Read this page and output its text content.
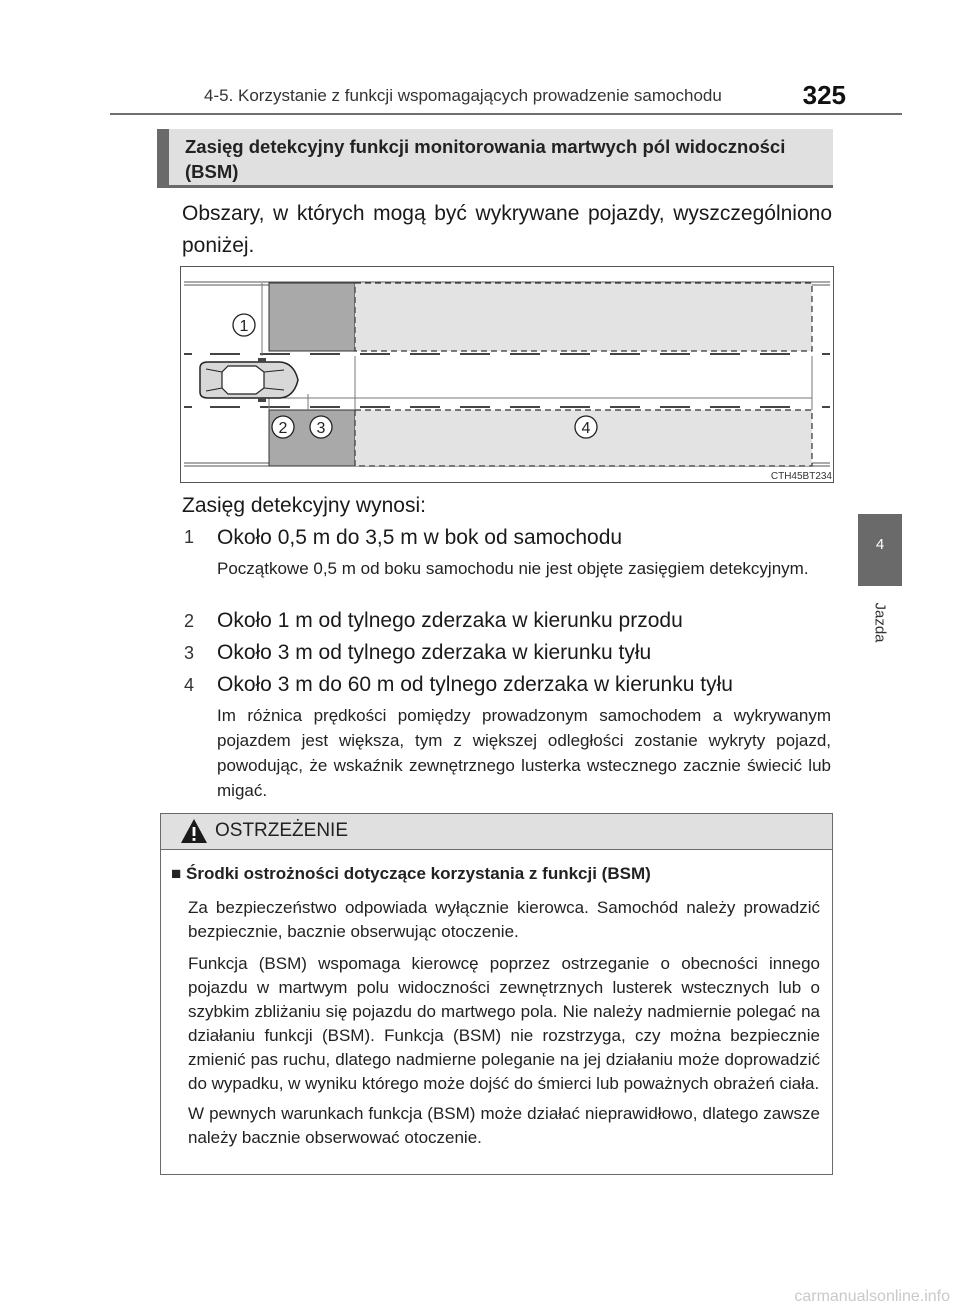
4-5. Korzystanie z funkcji wspomagających prowadzenie samochodu	325
Zasięg detekcyjny funkcji monitorowania martwych pól widoczności (BSM)
Obszary, w których mogą być wykrywane pojazdy, wyszczególniono poniżej.
1
2 3	4
CTH45BT234
Zasięg detekcyjny wynosi:
1 Około 0,5 m do 3,5 m w bok od samochodu
Początkowe 0,5 m od boku samochodu nie jest objęte zasięgiem detekcyjnym.
2 Około 1 m od tylnego zderzaka w kierunku przodu
3 Około 3 m od tylnego zderzaka w kierunku tyłu
4 Około 3 m do 60 m od tylnego zderzaka w kierunku tyłu
Im różnica prędkości pomiędzy prowadzonym samochodem a wykrywanym pojazdem jest większa, tym z większej odległości zostanie wykryty pojazd, powodując, że wskaźnik zewnętrznego lusterka wstecznego zacznie świecić lub migać.
4
Jazda
OSTRZEŻENIE
■ Środki ostrożności dotyczące korzystania z funkcji (BSM)
Za bezpieczeństwo odpowiada wyłącznie kierowca. Samochód należy prowadzić bezpiecznie, bacznie obserwując otoczenie.
Funkcja (BSM) wspomaga kierowcę poprzez ostrzeganie o obecności innego pojazdu w martwym polu widoczności zewnętrznych lusterek wstecznych lub o szybkim zbliżaniu się pojazdu do martwego pola. Nie należy nadmiernie polegać na działaniu funkcji (BSM). Funkcja (BSM) nie rozstrzyga, czy można bezpiecznie zmienić pas ruchu, dlatego nadmierne poleganie na jej działaniu może doprowadzić do wypadku, w wyniku którego może dojść do śmierci lub poważnych obrażeń ciała.
W pewnych warunkach funkcja (BSM) może działać nieprawidłowo, dlatego zawsze należy bacznie obserwować otoczenie.
carmanualsonline.info
